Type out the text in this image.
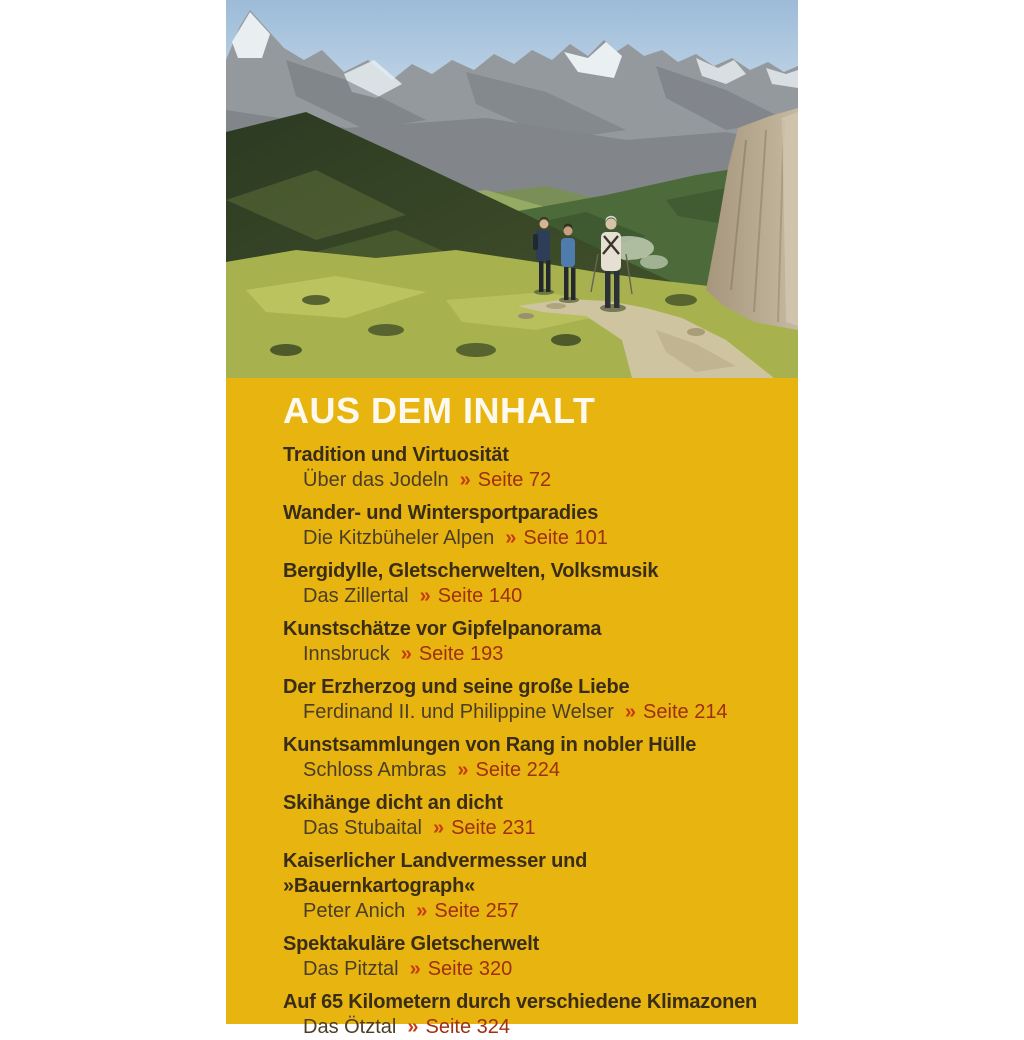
AUS DEM INHALT
Tradition und Virtuosität
Über das Jodeln » Seite 72
Wander- und Wintersportparadies
Die Kitzbüheler Alpen » Seite 101
Bergidylle, Gletscherwelten, Volksmusik
Das Zillertal » Seite 140
Kunstschätze vor Gipfelpanorama
Innsbruck » Seite 193
Der Erzherzog und seine große Liebe
Ferdinand II. und Philippine Welser » Seite 214
Kunstsammlungen von Rang in nobler Hülle
Schloss Ambras » Seite 224
Skihänge dicht an dicht
Das Stubaital » Seite 231
Kaiserlicher Landvermesser und »Bauernkartograph«
Peter Anich » Seite 257
Spektakuläre Gletscherwelt
Das Pitztal » Seite 320
Auf 65 Kilometern durch verschiedene Klimazonen
Das Ötztal » Seite 324
